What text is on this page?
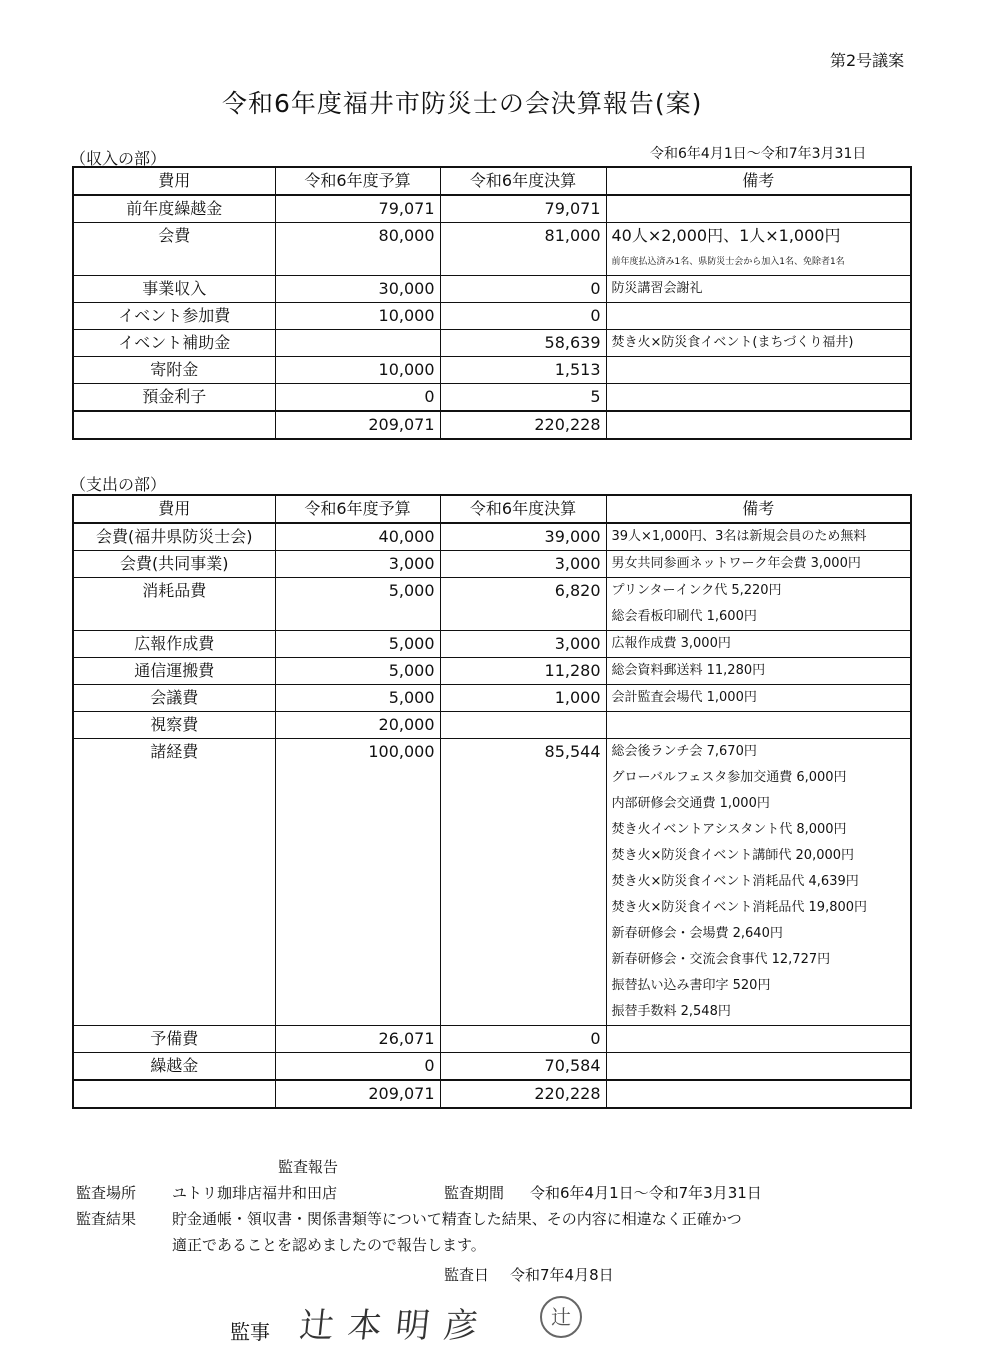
第2号議案
令和6年度福井市防災士の会決算報告(案)
（収入の部）	令和6年4月1日～令和7年3月31日
費用	令和6年度予算	令和6年度決算	備考
前年度繰越金	79,071	79,071	
会費	80,000	81,000	40人×2,000円、1人×1,000円
			前年度払込済み1名、県防災士会から加入1名、免除者1名
事業収入	30,000	0	防災講習会謝礼
イベント参加費	10,000	0	
イベント補助金		58,639	焚き火×防災食イベント(まちづくり福井)
寄附金	10,000	1,513	
預金利子	0	5	
	209,071	220,228	
（支出の部）
費用	令和6年度予算	令和6年度決算	備考
会費(福井県防災士会)	40,000	39,000	39人×1,000円、3名は新規会員のため無料
会費(共同事業)	3,000	3,000	男女共同参画ネットワーク年会費 3,000円
消耗品費	5,000	6,820	プリンターインク代 5,220円
			総会看板印刷代 1,600円
広報作成費	5,000	3,000	広報作成費 3,000円
通信運搬費	5,000	11,280	総会資料郵送料 11,280円
会議費	5,000	1,000	会計監査会場代 1,000円
視察費	20,000		
諸経費	100,000	85,544	総会後ランチ会 7,670円
			グローバルフェスタ参加交通費 6,000円
			内部研修会交通費 1,000円
			焚き火イベントアシスタント代 8,000円
			焚き火×防災食イベント講師代 20,000円
			焚き火×防災食イベント消耗品代 4,639円
			焚き火×防災食イベント消耗品代 19,800円
			新春研修会・会場費 2,640円
			新春研修会・交流会食事代 12,727円
			振替払い込み書印字 520円
			振替手数料 2,548円
予備費	26,071	0	
繰越金	0	70,584	
	209,071	220,228	
監査報告
監査場所 ユトリ珈琲店福井和田店	監査期間 令和6年4月1日～令和7年3月31日
監査結果 貯金通帳・領収書・関係書類等について精査した結果、その内容に相違なく正確かつ
適正であることを認めましたので報告します。
監査日 令和7年4月8日
監事 辻本明彦	辻
